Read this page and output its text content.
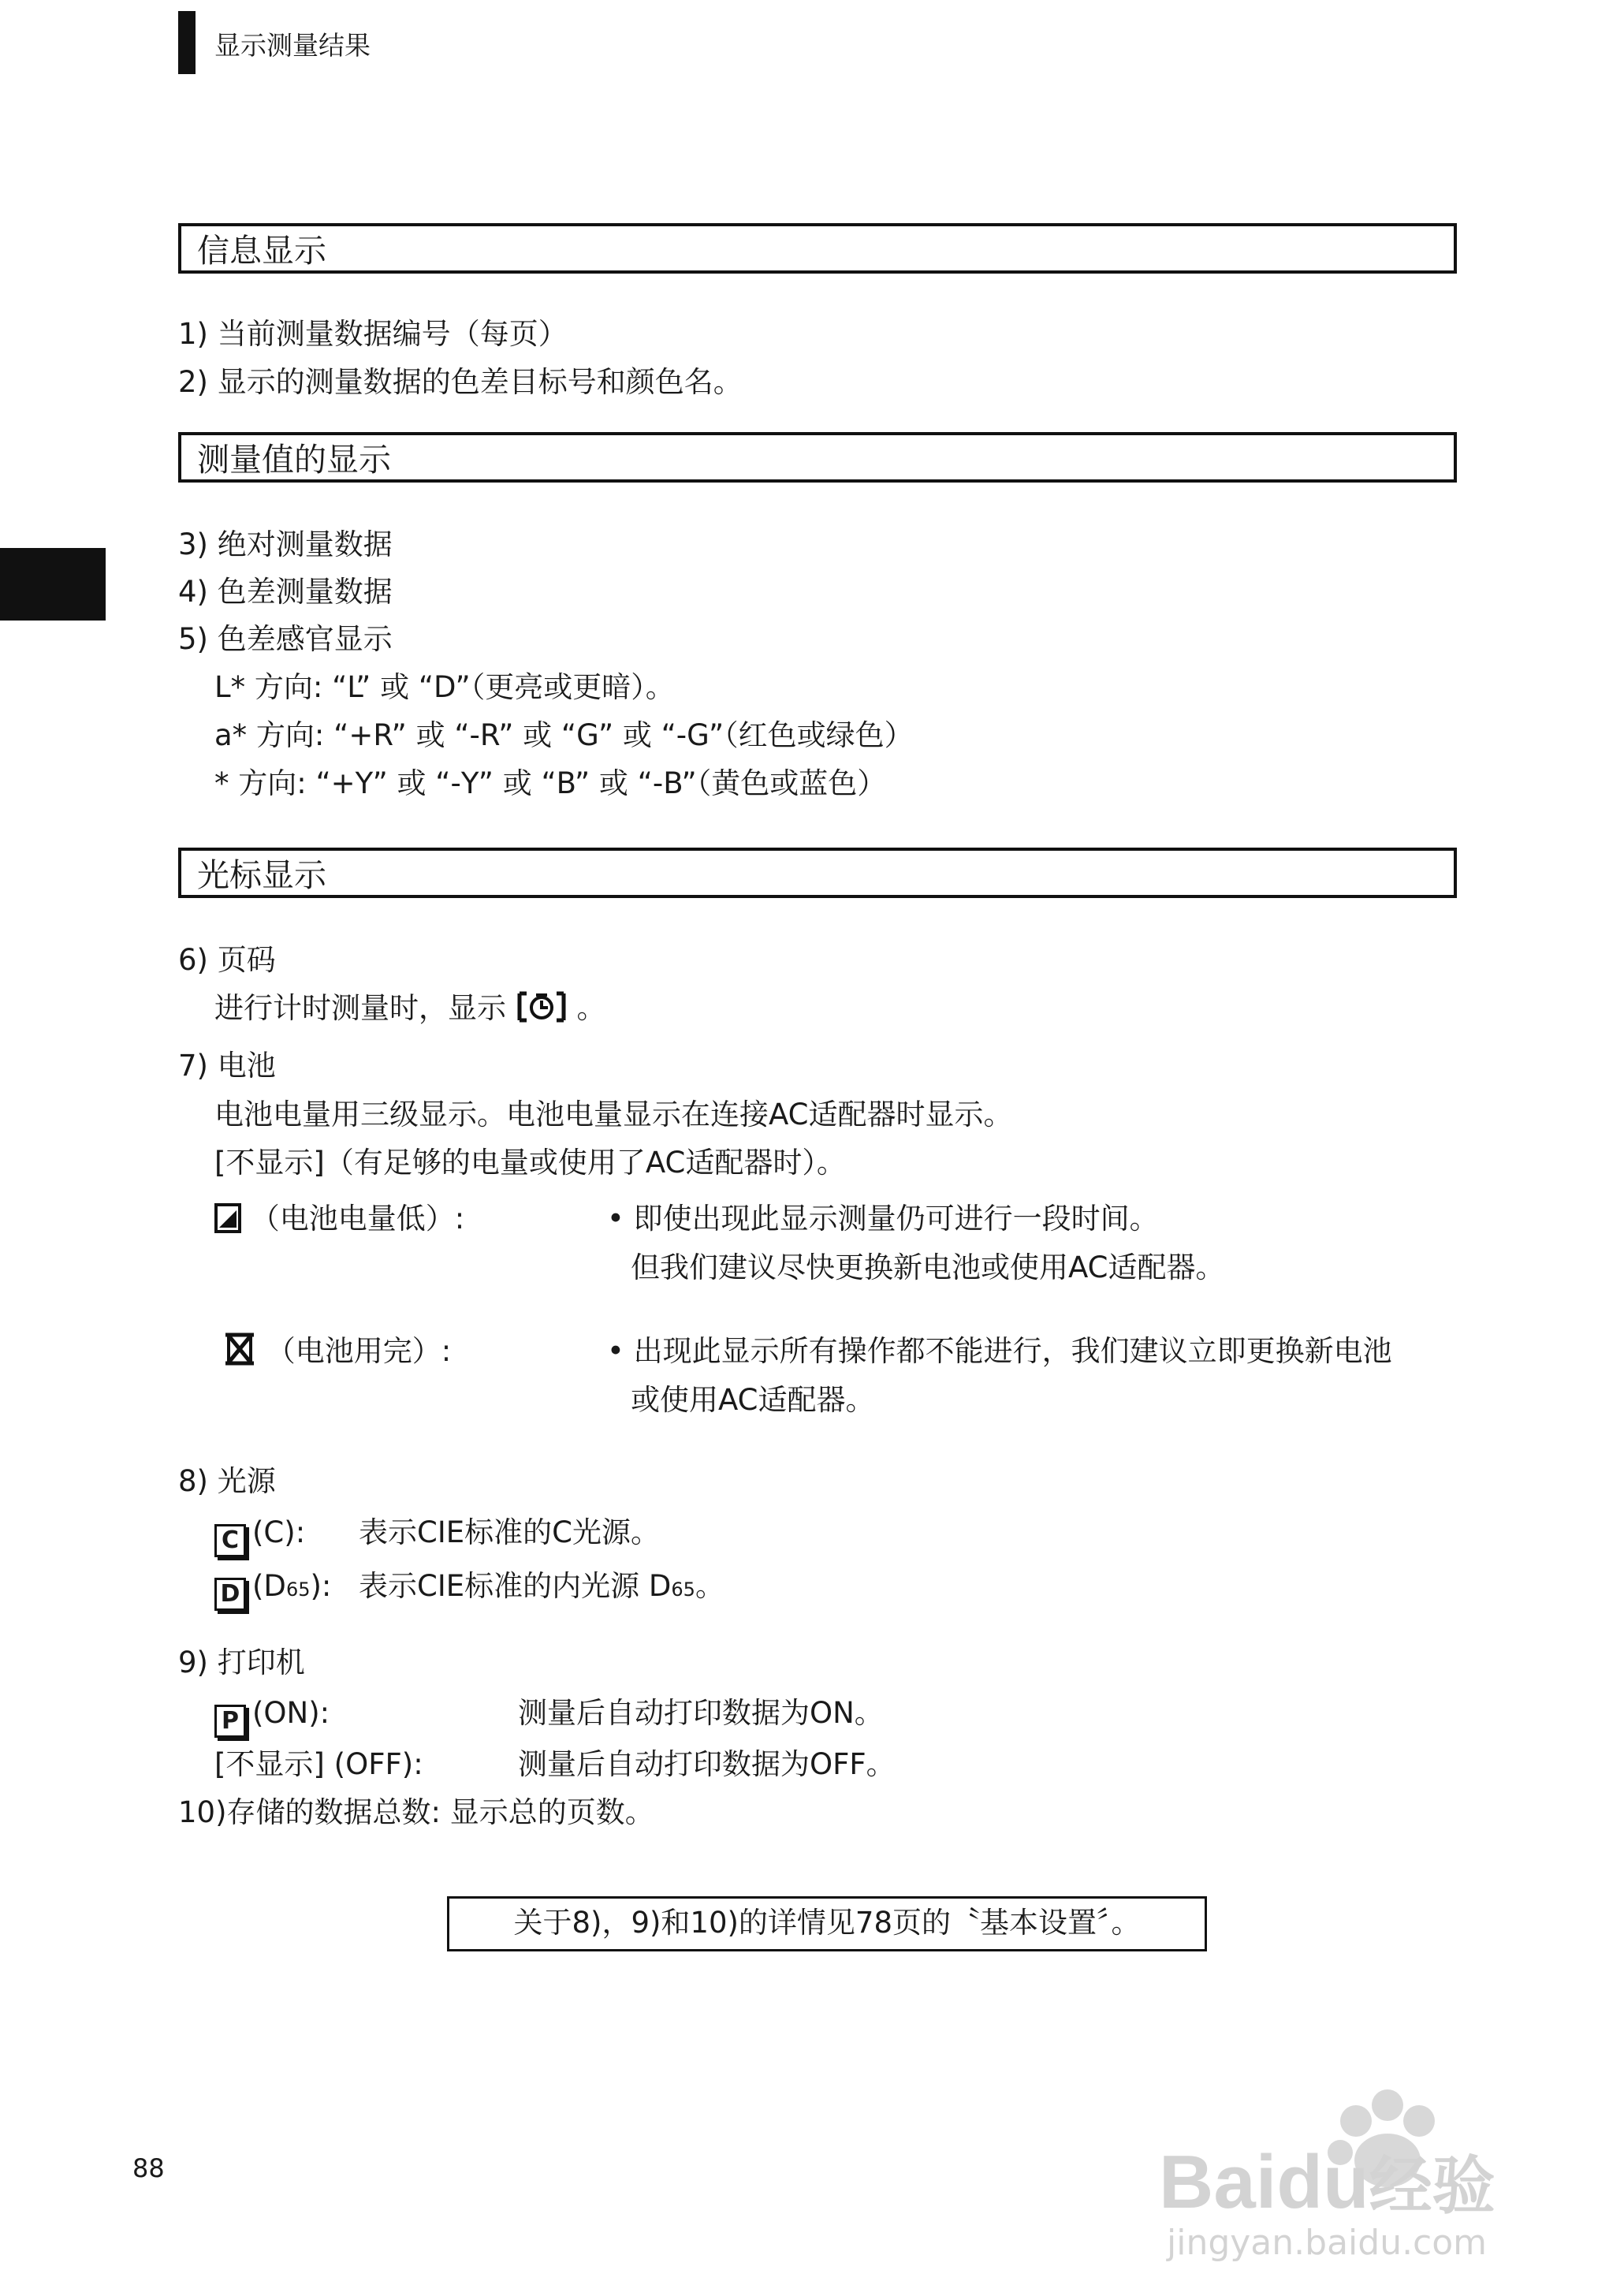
显示测量结果
信息显示
1) 当前测量数据编号（每页）
2) 显示的测量数据的色差目标号和颜色名。
测量值的显示
3) 绝对测量数据
4) 色差测量数据
5) 色差感官显示
L* 方向: “L” 或 “D”（更亮或更暗）。
a* 方向: “+R” 或 “-R” 或 “G” 或 “-G”（红色或绿色）
* 方向: “+Y” 或 “-Y” 或 “B” 或 “-B”（黄色或蓝色）
光标显示
6) 页码
进行计时测量时，显示 。
7) 电池
电池电量用三级显示。电池电量显示在连接AC适配器时显示。
[不显示]（有足够的电量或使用了AC适配器时）。
（电池电量低）:	• 即使出现此显示测量仍可进行一段时间。
但我们建议尽快更换新电池或使用AC适配器。
（电池用完）:	• 出现此显示所有操作都不能进行，我们建议立即更换新电池
或使用AC适配器。
8) 光源
C (C): 表示CIE标准的C光源。
D (D65): 表示CIE标准的内光源 D65。
9) 打印机
P (ON):	测量后自动打印数据为ON。
[不显示] (OFF):	测量后自动打印数据为OFF。
10)存储的数据总数: 显示总的页数。
关于8)，9)和10)的详情见78页的〝基本设置〞。
88	Baidu经验
jingyan.baidu.com
